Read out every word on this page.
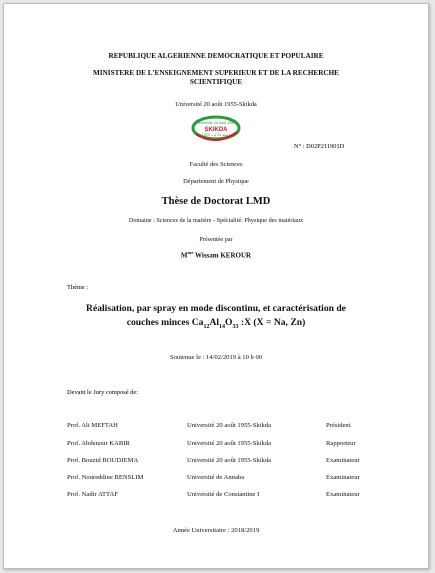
REPUBLIQUE ALGERIENNE DEMOCRATIQUE ET POPULAIRE
MINISTERE DE L'ENSEIGNEMENT SUPERIEUR ET DE LA RECHERCHE
SCIENTIFIQUE
Université 20 août 1955-Skikda
Université 20 Août 1955
SKIKDA
جامعة 20 أوت 1955
N° : D02P211901D
Faculté des Sciences
Département de Physique
Thèse de Doctorat LMD
Domaine : Sciences de la matière - Spécialité: Physique des matériaux
Présentée par
$M^{me}$ Wissam KEROUR
Thème :
Réalisation, par spray en mode discontinu, et caractérisation de
couches minces $Ca_{12}Al_{14}O_{33}$ :X (X = Na, Zn)
Soutenue le : 14/02/2019 à 10 h 00
Devant le Jury composé de:
Prof. Ali MEFTAH	Université 20 août 1955-Skikda	Président
Prof. Abdenour KABIR	Université 20 août 1955-Skikda	Rapporteur
Prof. Bouzid BOUDJEMA	Université 20 août 1955-Skikda	Examinateur
Prof. Noureddine BENSLIM	Université de Annaba	Examinateur
Prof. Nadir ATTAF	Université de Constantine I	Examinateur
Année Universitaire : 2018/2019
